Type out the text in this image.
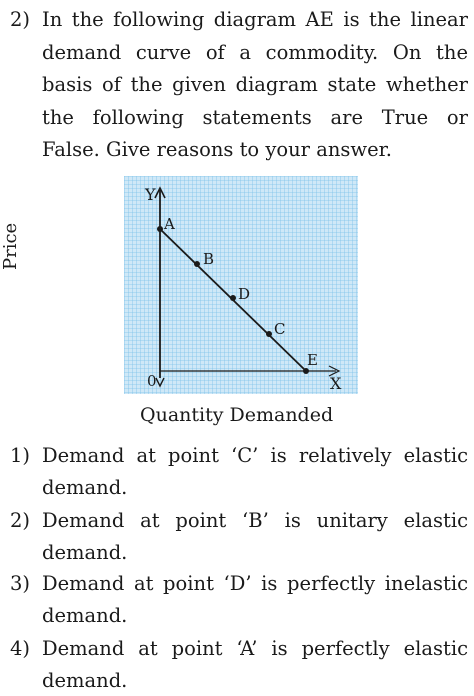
2) In the following diagram AE is the linear demand curve of a commodity. On the basis of the given diagram state whether the following statements are True or False. Give reasons to your answer.
Price
Y
X
0
A
B
D
C
E
Quantity Demanded
1) Demand at point ‘C’ is relatively elastic demand.
2) Demand at point ‘B’ is unitary elastic demand.
3) Demand at point ‘D’ is perfectly inelastic demand.
4) Demand at point ‘A’ is perfectly elastic demand.
